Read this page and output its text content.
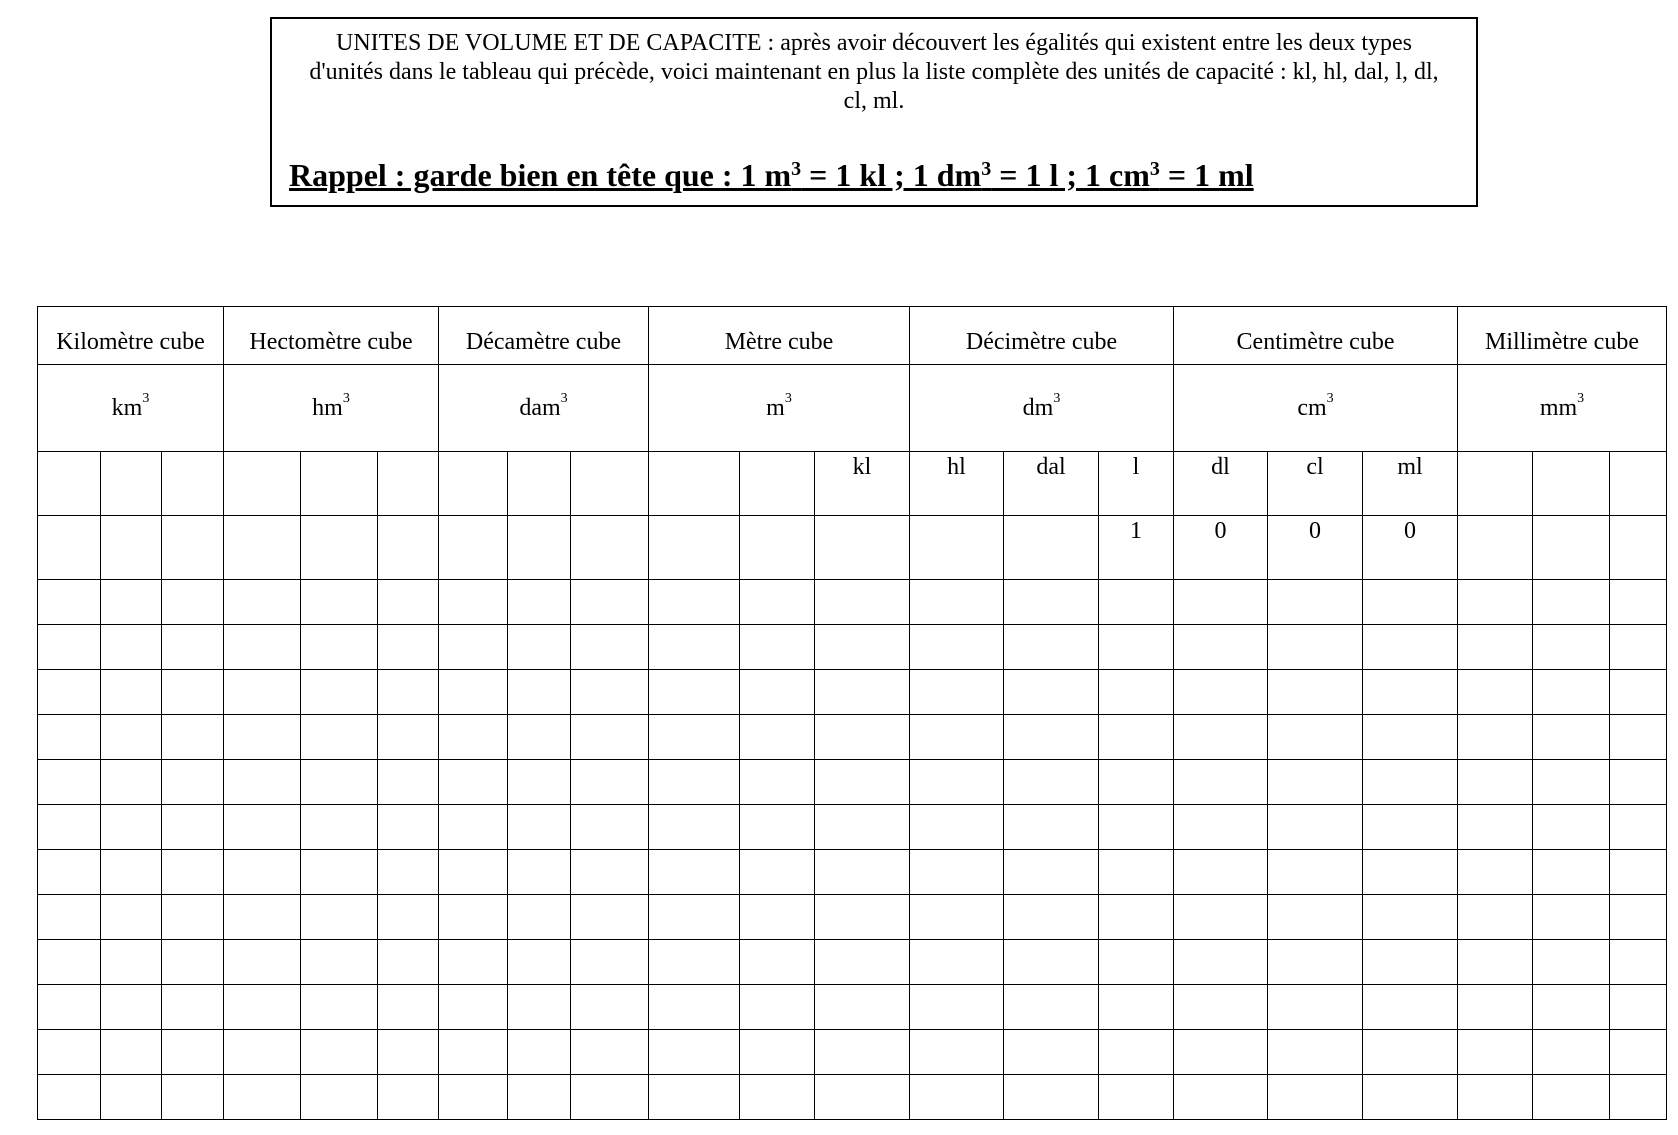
UNITES DE VOLUME ET DE CAPACITE : après avoir découvert les égalités qui existent entre les deux types d'unités dans le tableau qui précède, voici maintenant en plus la liste complète des unités de capacité : kl, hl, dal, l, dl, cl, ml.
Rappel : garde bien en tête que : 1 $m^3 = 1$ kl ; 1 $dm^3 = 1$ l ; 1 $cm^3 = 1$ ml
Kilomètre cube			Hectomètre cube			Décamètre cube			Mètre cube			Décimètre cube			Centimètre cube			Millimètre cube		
$km^3$			$hm^3$			dam$^3$			$m^3$			$dm^3$			$cm^3$			$mm^3$
											kl	hl	dal	l	dl	cl	ml			
														1	0	0	0			
